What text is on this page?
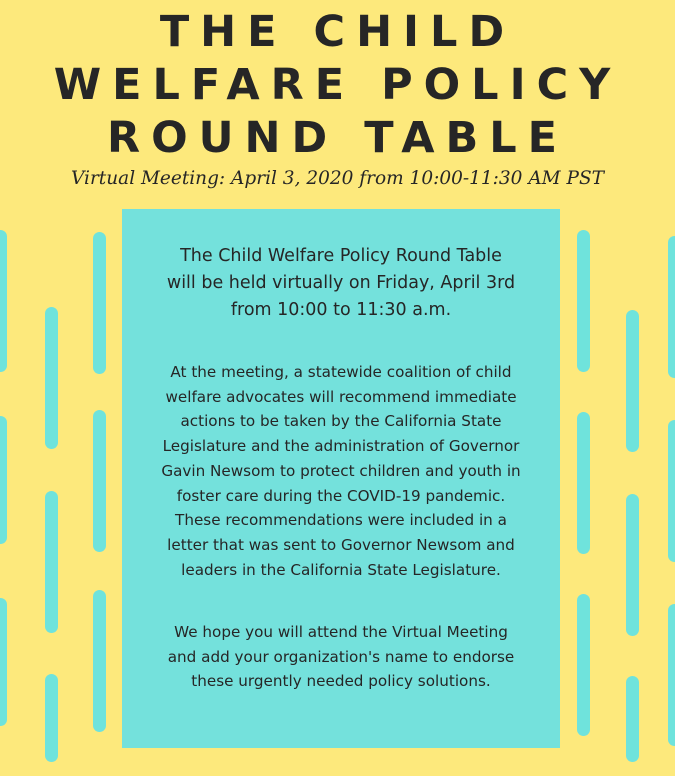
THE CHILD
WELFARE POLICY
ROUND TABLE
Virtual Meeting: April 3, 2020 from 10:00-11:30 AM PST
The Child Welfare Policy Round Table
will be held virtually on Friday, April 3rd
from 10:00 to 11:30 a.m.
At the meeting, a statewide coalition of child
welfare advocates will recommend immediate
actions to be taken by the California State
Legislature and the administration of Governor
Gavin Newsom to protect children and youth in
foster care during the COVID-19 pandemic.
These recommendations were included in a
letter that was sent to Governor Newsom and
leaders in the California State Legislature.
We hope you will attend the Virtual Meeting
and add your organization's name to endorse
these urgently needed policy solutions.
